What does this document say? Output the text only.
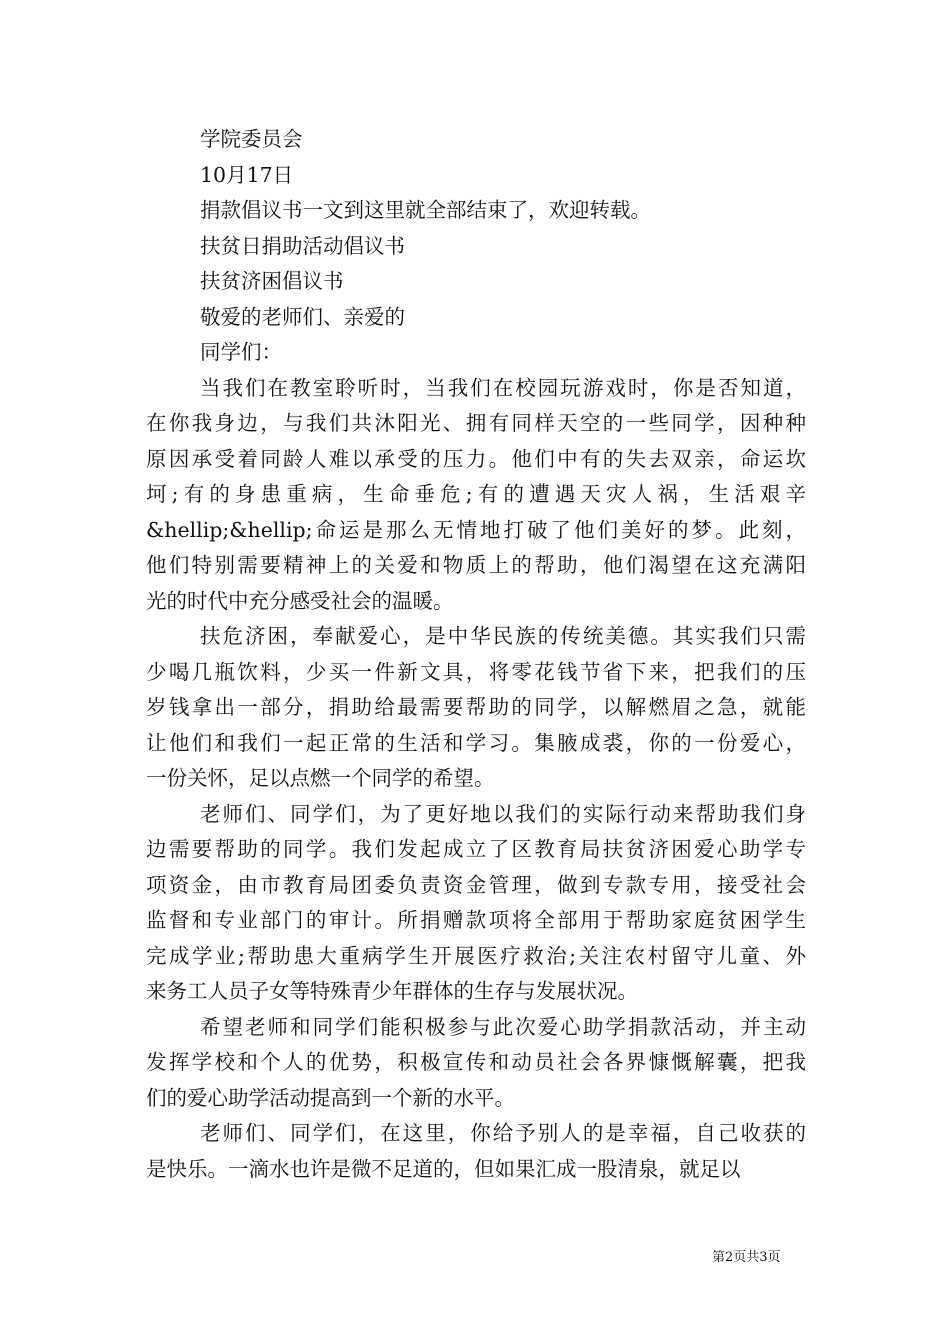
学院委员会
10月17日
捐款倡议书一文到这里就全部结束了，欢迎转载。
扶贫日捐助活动倡议书
扶贫济困倡议书
敬爱的老师们、亲爱的
同学们：
当我们在教室聆听时，当我们在校园玩游戏时，你是否知道，
在你我身边，与我们共沐阳光、拥有同样天空的一些同学，因种种
原因承受着同龄人难以承受的压力。他们中有的失去双亲，命运坎
坷;有的身患重病，生命垂危;有的遭遇天灾人祸，生活艰辛
&hellip;&hellip;命运是那么无情地打破了他们美好的梦。此刻，
他们特别需要精神上的关爱和物质上的帮助，他们渴望在这充满阳
光的时代中充分感受社会的温暖。
扶危济困，奉献爱心，是中华民族的传统美德。其实我们只需
少喝几瓶饮料，少买一件新文具，将零花钱节省下来，把我们的压
岁钱拿出一部分，捐助给最需要帮助的同学，以解燃眉之急，就能
让他们和我们一起正常的生活和学习。集腋成裘，你的一份爱心，
一份关怀，足以点燃一个同学的希望。
老师们、同学们，为了更好地以我们的实际行动来帮助我们身
边需要帮助的同学。我们发起成立了区教育局扶贫济困爱心助学专
项资金，由市教育局团委负责资金管理，做到专款专用，接受社会
监督和专业部门的审计。所捐赠款项将全部用于帮助家庭贫困学生
完成学业;帮助患大重病学生开展医疗救治;关注农村留守儿童、外
来务工人员子女等特殊青少年群体的生存与发展状况。
希望老师和同学们能积极参与此次爱心助学捐款活动，并主动
发挥学校和个人的优势，积极宣传和动员社会各界慷慨解囊，把我
们的爱心助学活动提高到一个新的水平。
老师们、同学们，在这里，你给予别人的是幸福，自己收获的
是快乐。一滴水也许是微不足道的，但如果汇成一股清泉，就足以
第2页共3页
